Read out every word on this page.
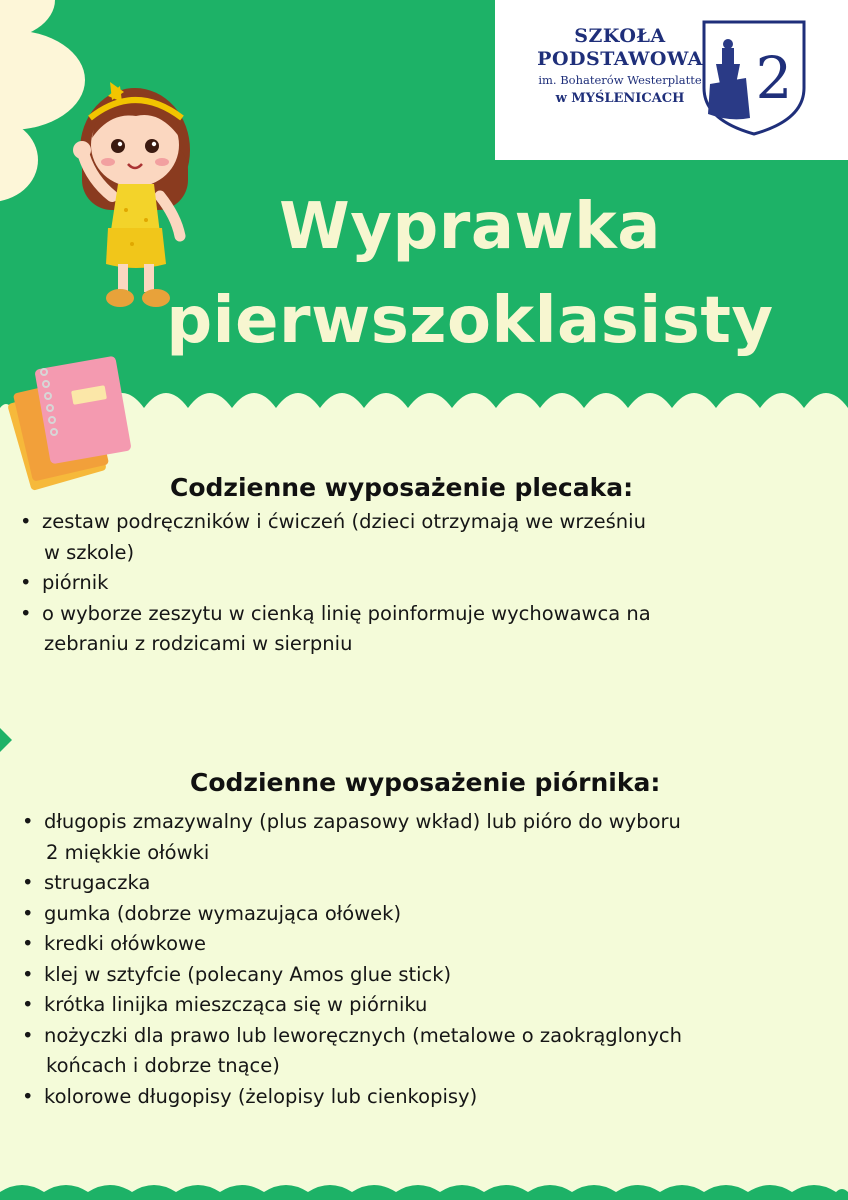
SZKOŁA
PODSTAWOWA
im. Bohaterów Westerplatte
w MYŚLENICACH	2
Wyprawka
pierwszoklasisty
Codzienne wyposażenie plecaka:
• zestaw podręczników i ćwiczeń (dzieci otrzymają we wrześniu
w szkole)
• piórnik
• o wyborze zeszytu w cienką linię poinformuje wychowawca na
zebraniu z rodzicami w sierpniu
Codzienne wyposażenie piórnika:
• długopis zmazywalny (plus zapasowy wkład) lub pióro do wyboru
2 miękkie ołówki
• strugaczka
• gumka (dobrze wymazująca ołówek)
• kredki ołówkowe
• klej w sztyfcie (polecany Amos glue stick)
• krótka linijka mieszcząca się w piórniku
• nożyczki dla prawo lub leworęcznych (metalowe o zaokrąglonych
końcach i dobrze tnące)
• kolorowe długopisy (żelopisy lub cienkopisy)
